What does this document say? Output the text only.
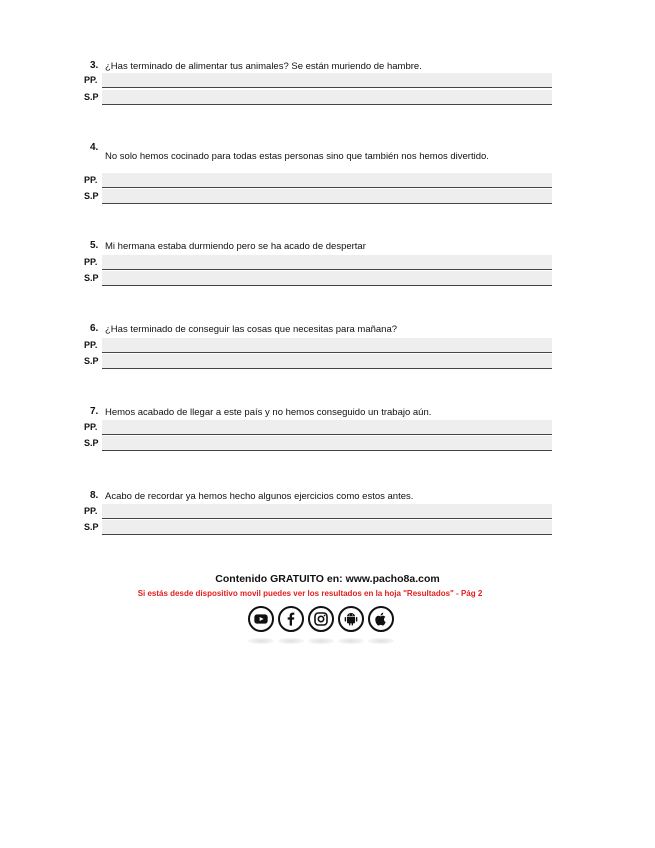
3. ¿Has terminado de alimentar tus animales? Se están muriendo de hambre.
PP.
S.P
4.
No solo hemos cocinado para todas estas personas sino que también nos hemos divertido.
PP.
S.P
5. Mi hermana estaba durmiendo pero se ha acado de despertar
PP.
S.P
6. ¿Has terminado de conseguir las cosas que necesitas para mañana?
PP.
S.P
7. Hemos acabado de llegar a este país y no hemos conseguido un trabajo aún.
PP.
S.P
8. Acabo de recordar ya hemos hecho algunos ejercicios como estos antes.
PP.
S.P
Contenido GRATUITO en: www.pacho8a.com
Si estás desde dispositivo movil puedes ver los resultados en la hoja "Resultados" - Pág 2
